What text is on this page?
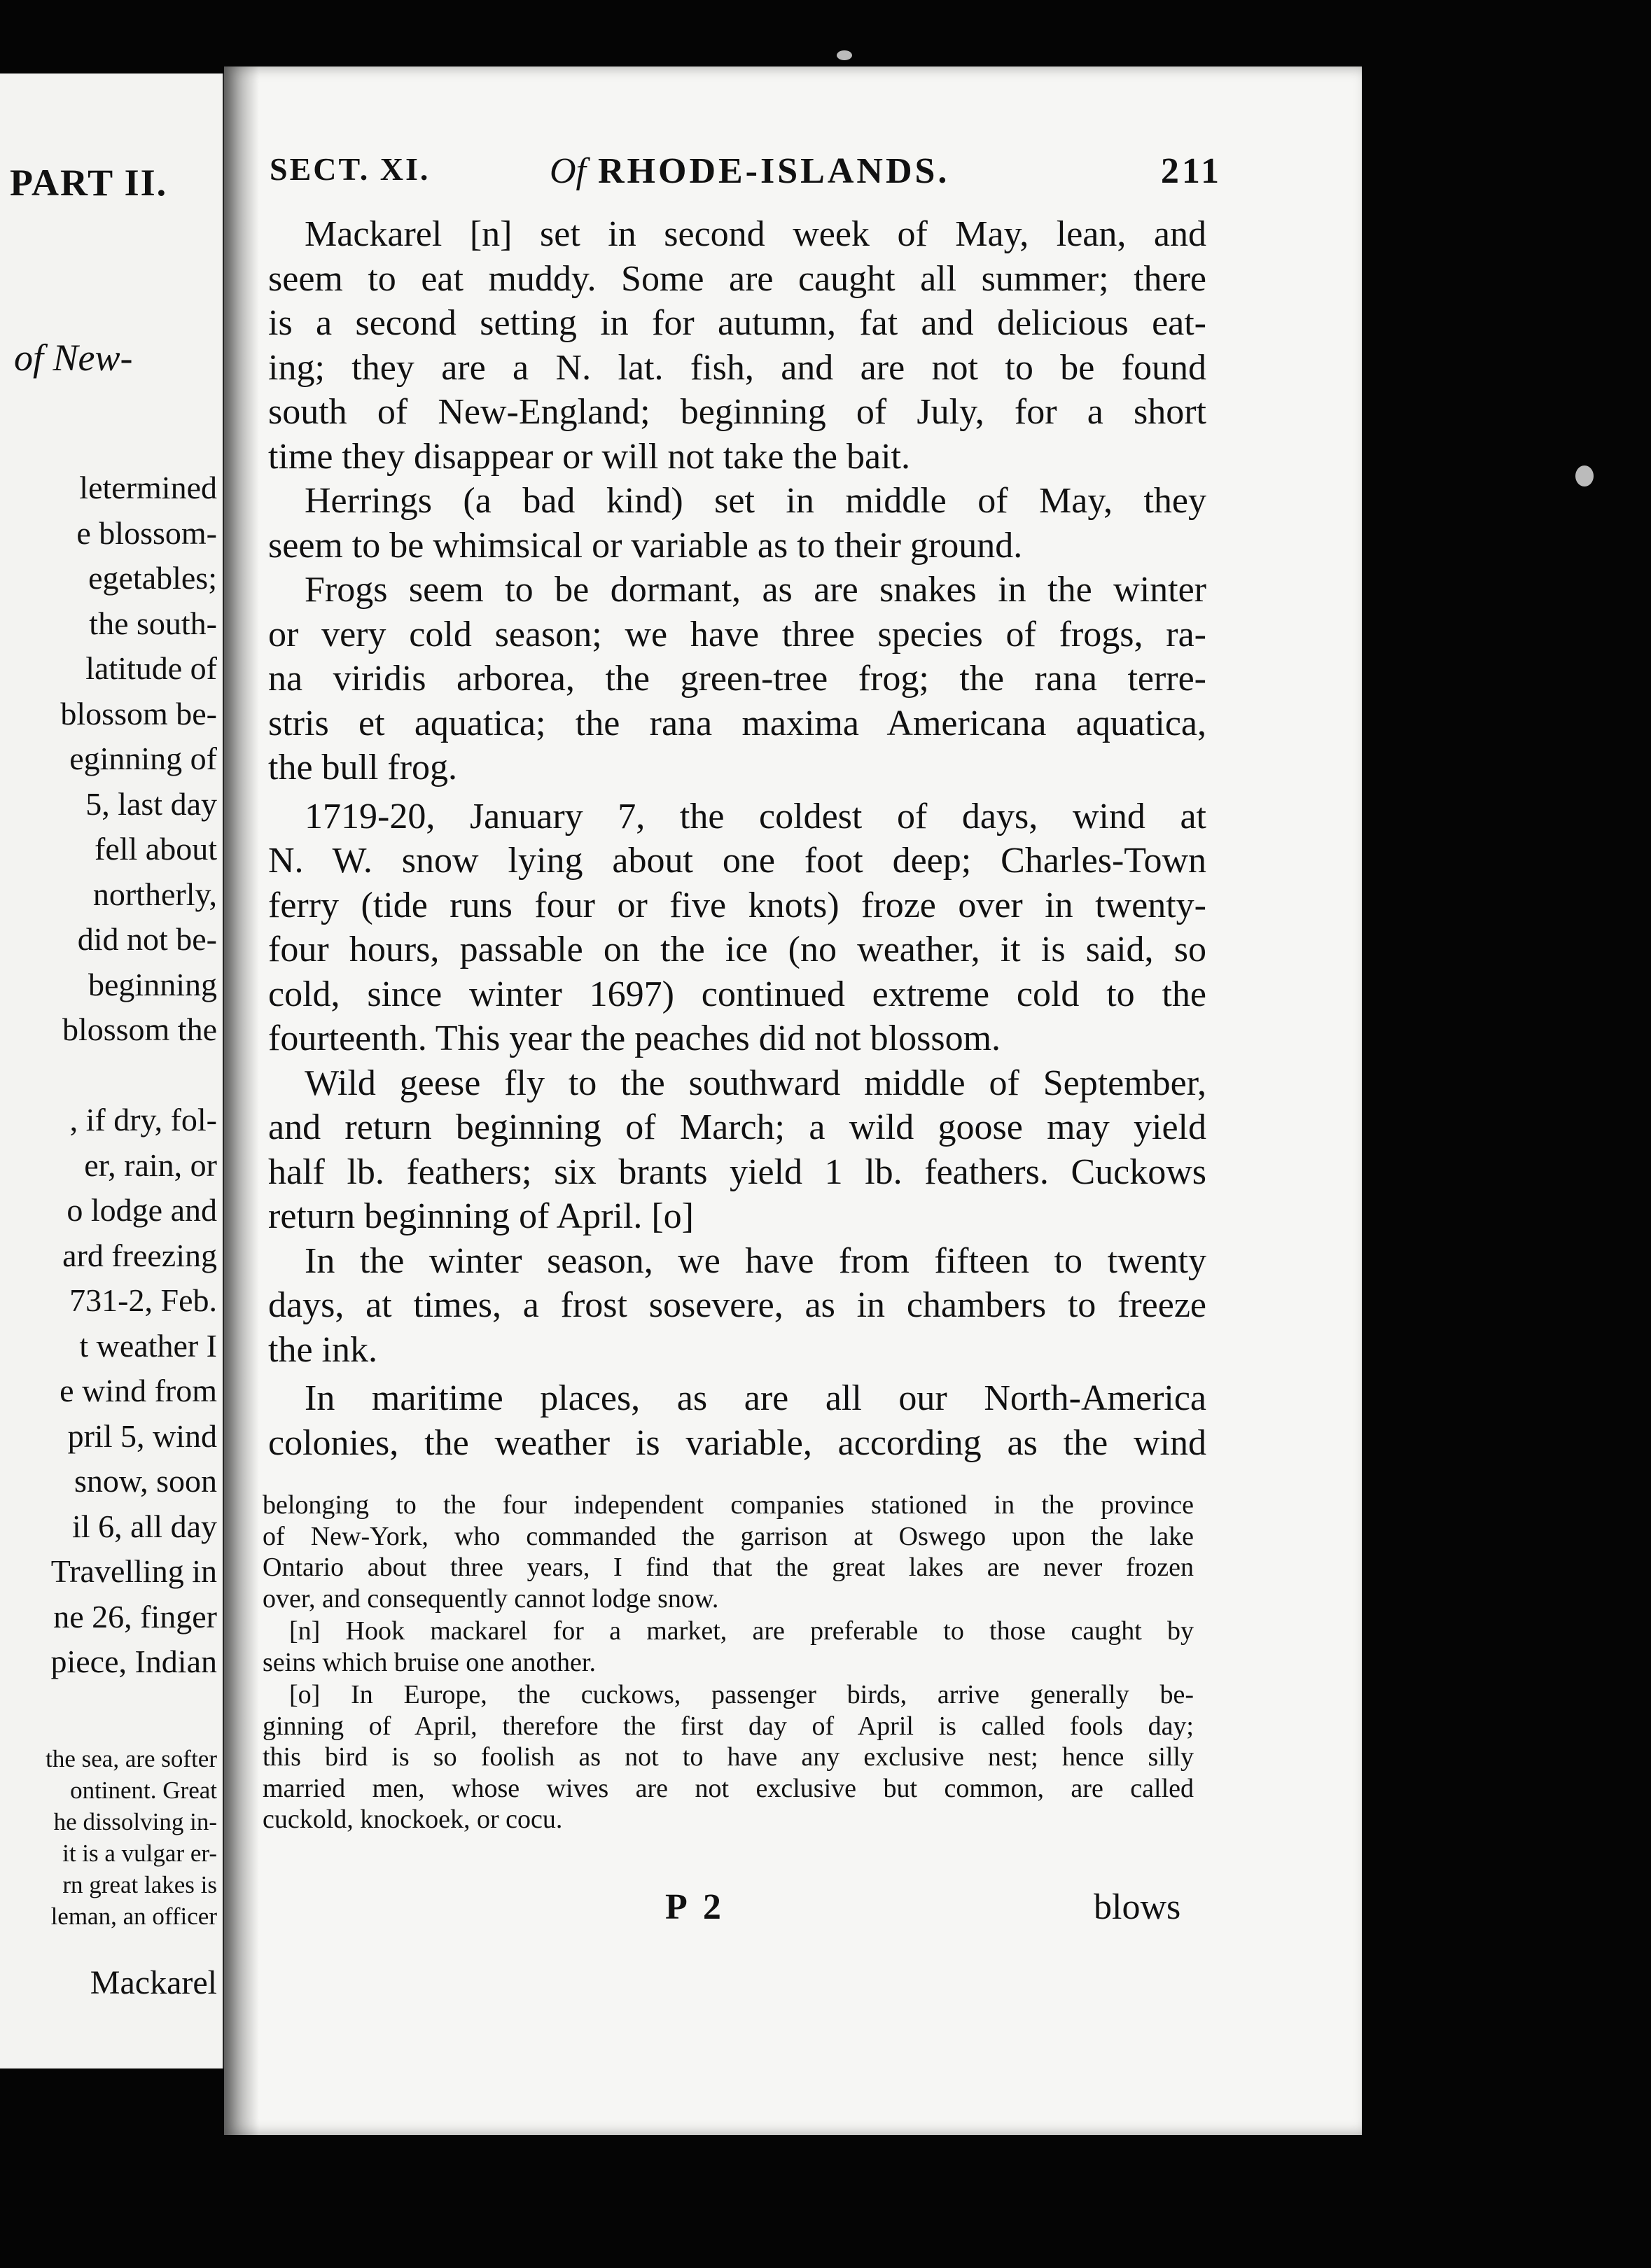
PART II.
of New-
letermined
e blossom-
egetables;
the south-
latitude of
blossom be-
eginning of
5, last day
fell about
northerly,
did not be-
beginning
blossom the

, if dry, fol-
er, rain, or
o lodge and
ard freezing
731-2, Feb.
t weather I
e wind from
pril 5, wind
snow, soon
il 6, all day
Travelling in
ne 26, finger
piece, Indian
the sea, are softer
ontinent. Great
he dissolving in-
it is a vulgar er-
rn great lakes is
leman, an officer
Mackarel
SECT. XI.	Of RHODE-ISLANDS.	211
Mackarel [n] set in second week of May, lean, and
seem to eat muddy. Some are caught all summer; there
is a second setting in for autumn, fat and delicious eat-
ing; they are a N. lat. fish, and are not to be found
south of New-England; beginning of July, for a short
time they disappear or will not take the bait.
Herrings (a bad kind) set in middle of May, they
seem to be whimsical or variable as to their ground.
Frogs seem to be dormant, as are snakes in the winter
or very cold season; we have three species of frogs, ra-
na viridis arborea, the green-tree frog; the rana terre-
stris et aquatica; the rana maxima Americana aquatica,
the bull frog.
1719-20, January 7, the coldest of days, wind at
N. W. snow lying about one foot deep; Charles-Town
ferry (tide runs four or five knots) froze over in twenty-
four hours, passable on the ice (no weather, it is said, so
cold, since winter 1697) continued extreme cold to the
fourteenth. This year the peaches did not blossom.
Wild geese fly to the southward middle of September,
and return beginning of March; a wild goose may yield
half lb. feathers; six brants yield 1 lb. feathers. Cuckows
return beginning of April. [o]
In the winter season, we have from fifteen to twenty
days, at times, a frost sosevere, as in chambers to freeze
the ink.
In maritime places, as are all our North-America
colonies, the weather is variable, according as the wind
belonging to the four independent companies stationed in the province
of New-York, who commanded the garrison at Oswego upon the lake
Ontario about three years, I find that the great lakes are never frozen
over, and consequently cannot lodge snow.
[n] Hook mackarel for a market, are preferable to those caught by
seins which bruise one another.
[o] In Europe, the cuckows, passenger birds, arrive generally be-
ginning of April, therefore the first day of April is called fools day;
this bird is so foolish as not to have any exclusive nest; hence silly
married men, whose wives are not exclusive but common, are called
cuckold, knockoek, or cocu.
P 2	blows
